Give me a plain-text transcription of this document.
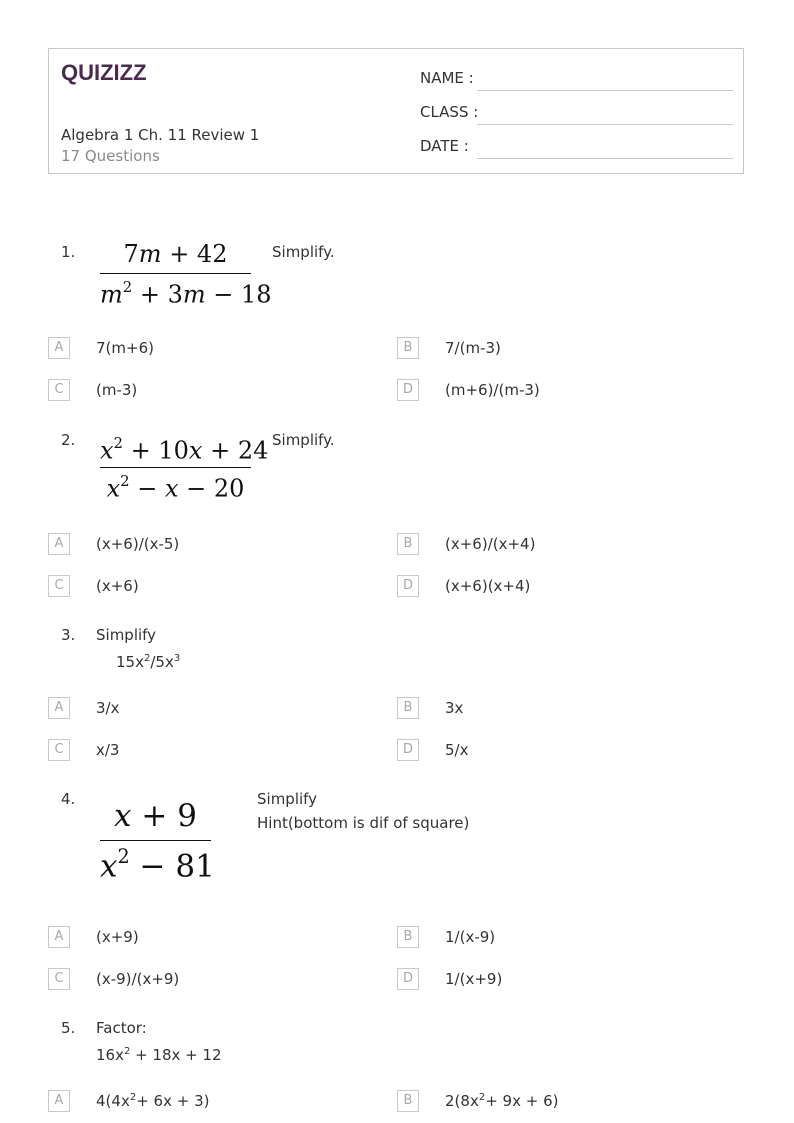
QUIZIZZ
Algebra 1 Ch. 11 Review 1
17 Questions
NAME :
CLASS :
DATE :
1.	7m + 42
$m^2 + 3m - 18$
Simplify.
A	7(m+6)	B	7/(m-3)
C	(m-3)	D	(m+6)/(m-3)
2. $x^2 + 10x + 24$
$x^2 - x - 20$
Simplify.
A	(x+6)/(x-5)	B	(x+6)/(x+4)
C	(x+6)	D	(x+6)(x+4)
3. Simplify
$15x^2/5x^3$
A	3/x	B	3x
C	x/3	D	5/x
4.	x + 9
$x^2 - 81$
Simplify
Hint(bottom is dif of square)
A	(x+9)	B	1/(x-9)
C	(x-9)/(x+9)	D	1/(x+9)
5. Factor:
$16x^2 + 18x + 12$
A	$4(4x^2+ 6x + 3)$	B	$2(8x^2+ 9x + 6)$
